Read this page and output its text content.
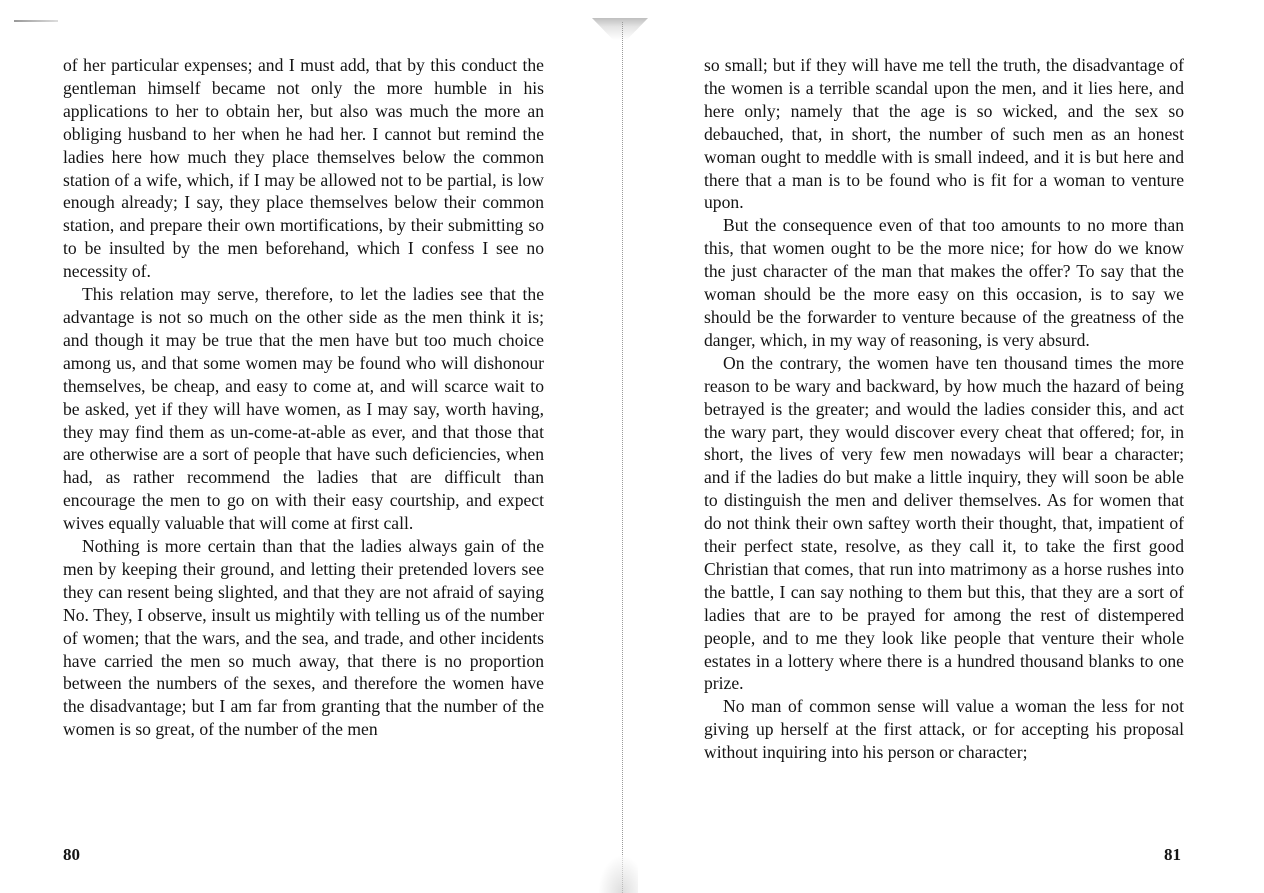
of her particular expenses; and I must add, that by this conduct the gentleman himself became not only the more humble in his applications to her to obtain her, but also was much the more an obliging husband to her when he had her. I cannot but remind the ladies here how much they place themselves below the common station of a wife, which, if I may be allowed not to be partial, is low enough already; I say, they place themselves below their common station, and prepare their own mortifications, by their submitting so to be insulted by the men beforehand, which I confess I see no necessity of.

This relation may serve, therefore, to let the ladies see that the advantage is not so much on the other side as the men think it is; and though it may be true that the men have but too much choice among us, and that some women may be found who will dishonour themselves, be cheap, and easy to come at, and will scarce wait to be asked, yet if they will have women, as I may say, worth having, they may find them as un-come-at-able as ever, and that those that are otherwise are a sort of people that have such deficiencies, when had, as rather recommend the ladies that are difficult than encourage the men to go on with their easy courtship, and expect wives equally valuable that will come at first call.

Nothing is more certain than that the ladies always gain of the men by keeping their ground, and letting their pretended lovers see they can resent being slighted, and that they are not afraid of saying No. They, I observe, insult us mightily with telling us of the number of women; that the wars, and the sea, and trade, and other incidents have carried the men so much away, that there is no proportion between the numbers of the sexes, and therefore the women have the disadvantage; but I am far from granting that the number of the women is so great, of the number of the men

80

so small; but if they will have me tell the truth, the disadvantage of the women is a terrible scandal upon the men, and it lies here, and here only; namely that the age is so wicked, and the sex so debauched, that, in short, the number of such men as an honest woman ought to meddle with is small indeed, and it is but here and there that a man is to be found who is fit for a woman to venture upon.

But the consequence even of that too amounts to no more than this, that women ought to be the more nice; for how do we know the just character of the man that makes the offer? To say that the woman should be the more easy on this occasion, is to say we should be the forwarder to venture because of the greatness of the danger, which, in my way of reasoning, is very absurd.

On the contrary, the women have ten thousand times the more reason to be wary and backward, by how much the hazard of being betrayed is the greater; and would the ladies consider this, and act the wary part, they would discover every cheat that offered; for, in short, the lives of very few men nowadays will bear a character; and if the ladies do but make a little inquiry, they will soon be able to distinguish the men and deliver themselves. As for women that do not think their own saftey worth their thought, that, impatient of their perfect state, resolve, as they call it, to take the first good Christian that comes, that run into matrimony as a horse rushes into the battle, I can say nothing to them but this, that they are a sort of ladies that are to be prayed for among the rest of distempered people, and to me they look like people that venture their whole estates in a lottery where there is a hundred thousand blanks to one prize.

No man of common sense will value a woman the less for not giving up herself at the first attack, or for accepting his proposal without inquiring into his person or character;

81
